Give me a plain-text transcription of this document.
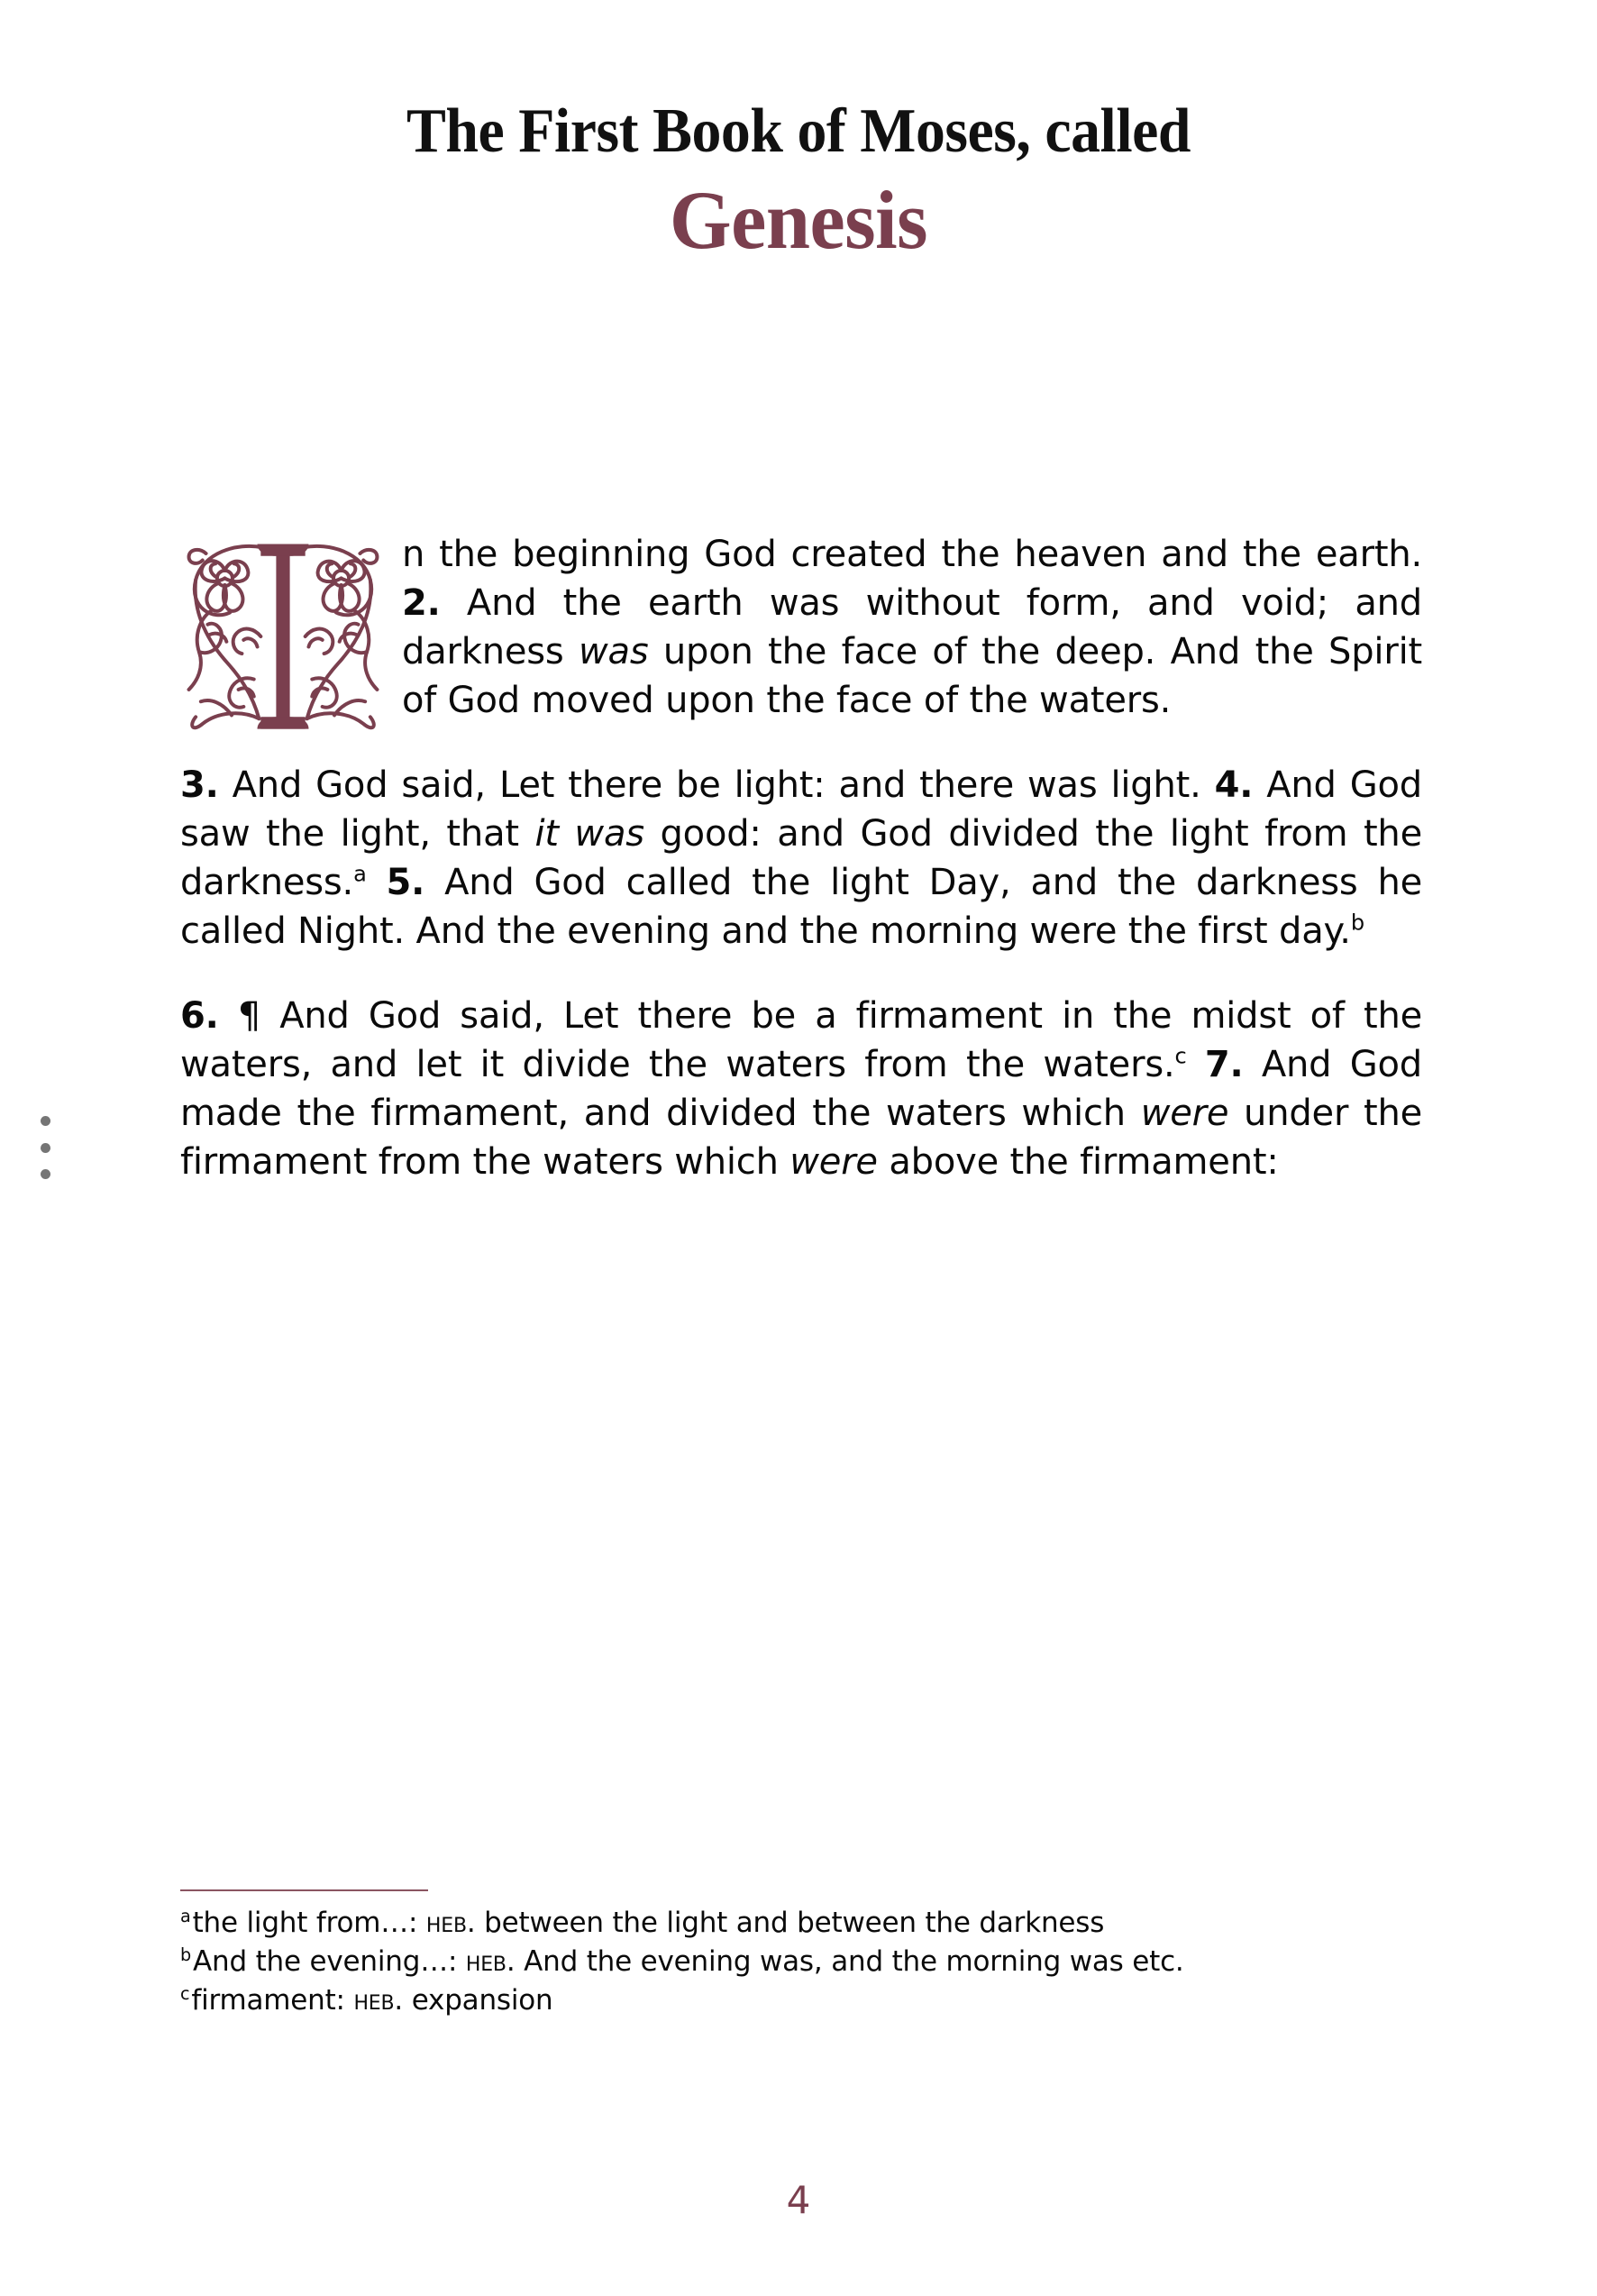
The First Book of Moses, called
Genesis

n the beginning God created the heaven and the earth. 2. And the earth was without form, and void; and darkness was upon the face of the deep. And the Spirit of God moved upon the face of the waters.

3. And God said, Let there be light: and there was light. 4. And God saw the light, that it was good: and God divided the light from the darkness.$^a$ 5. And God called the light Day, and the darkness he called Night. And the evening and the morning were the first day.$^b$

6. ¶ And God said, Let there be a firmament in the midst of the waters, and let it divide the waters from the waters.$^c$ 7. And God made the firmament, and divided the waters which were under the firmament from the waters which were above the firmament:

$^a$the light from…: heb. between the light and between the darkness

$^b$And the evening…: heb. And the evening was, and the morning was etc.

$^c$firmament: heb. expansion

4
